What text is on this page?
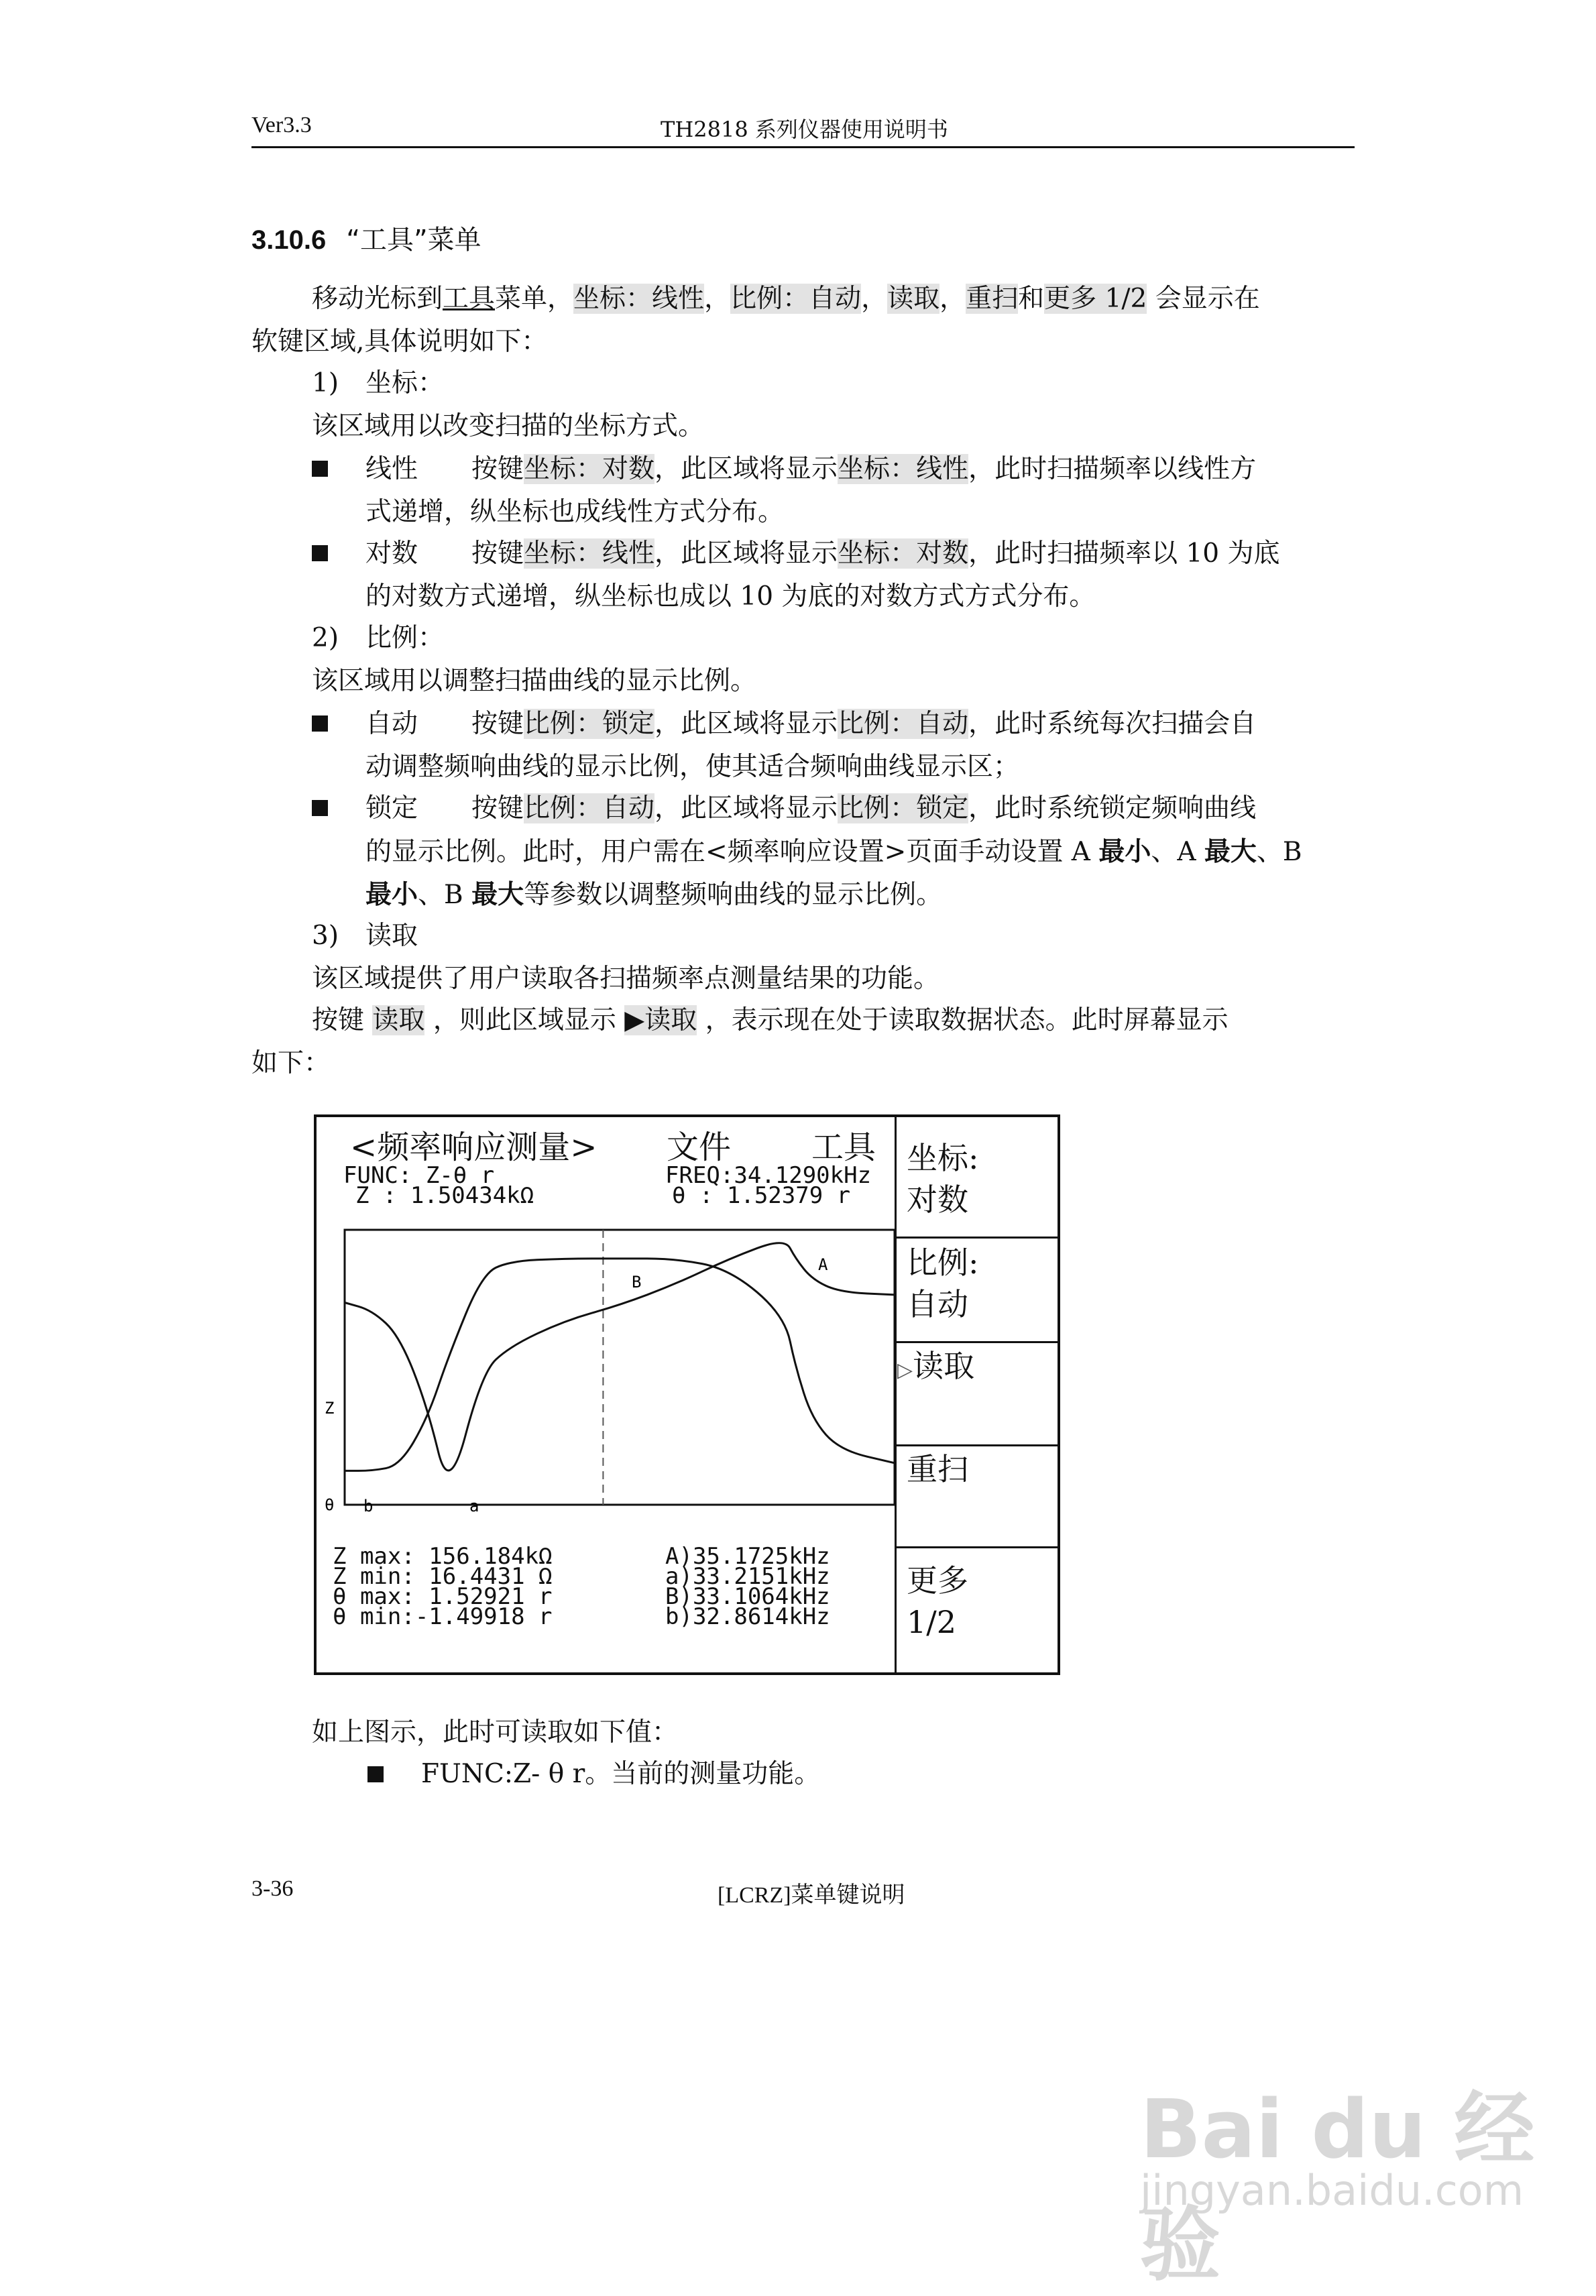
Ver3.3	TH2818 系列仪器使用说明书
3.10.6 “工具”菜单
移动光标到工具菜单，坐标：线性，比例：自动，读取，重扫和更多 1/2 会显示在
软键区域,具体说明如下：
1) 坐标：
该区域用以改变扫描的坐标方式。
线性 按键坐标：对数，此区域将显示坐标：线性，此时扫描频率以线性方
式递增，纵坐标也成线性方式分布。
对数 按键坐标：线性，此区域将显示坐标：对数，此时扫描频率以 10 为底
的对数方式递增，纵坐标也成以 10 为底的对数方式方式分布。
2) 比例：
该区域用以调整扫描曲线的显示比例。
自动 按键比例：锁定，此区域将显示比例：自动，此时系统每次扫描会自
动调整频响曲线的显示比例，使其适合频响曲线显示区；
锁定 按键比例：自动，此区域将显示比例：锁定，此时系统锁定频响曲线
的显示比例。此时，用户需在<频率响应设置>页面手动设置 A 最小、A 最大、B
最小、B 最大等参数以调整频响曲线的显示比例。
3) 读取
该区域提供了用户读取各扫描频率点测量结果的功能。
按键 读取 ，则此区域显示 ▶读取 ，表示现在处于读取数据状态。此时屏幕显示
如下：
<频率响应测量> 文件 工具
FUNC: Z-θ r
Z : 1.50434kΩ
FREQ:34.1290kHz
θ : 1.52379 r
坐标:
对数
比例:
自动
▷读取
重扫
更多
1/2
Z
θ
A
B
a
b
Z max: 156.184kΩ
Z min: 16.4431 Ω
θ max: 1.52921 r
θ min:-1.49918 r
A)35.1725kHz
a)33.2151kHz
B)33.1064kHz
b)32.8614kHz
如上图示，此时可读取如下值：
FUNC:Z- θ r。当前的测量功能。
3-36	[LCRZ]菜单键说明
Bai du 经验
jingyan.baidu.com
